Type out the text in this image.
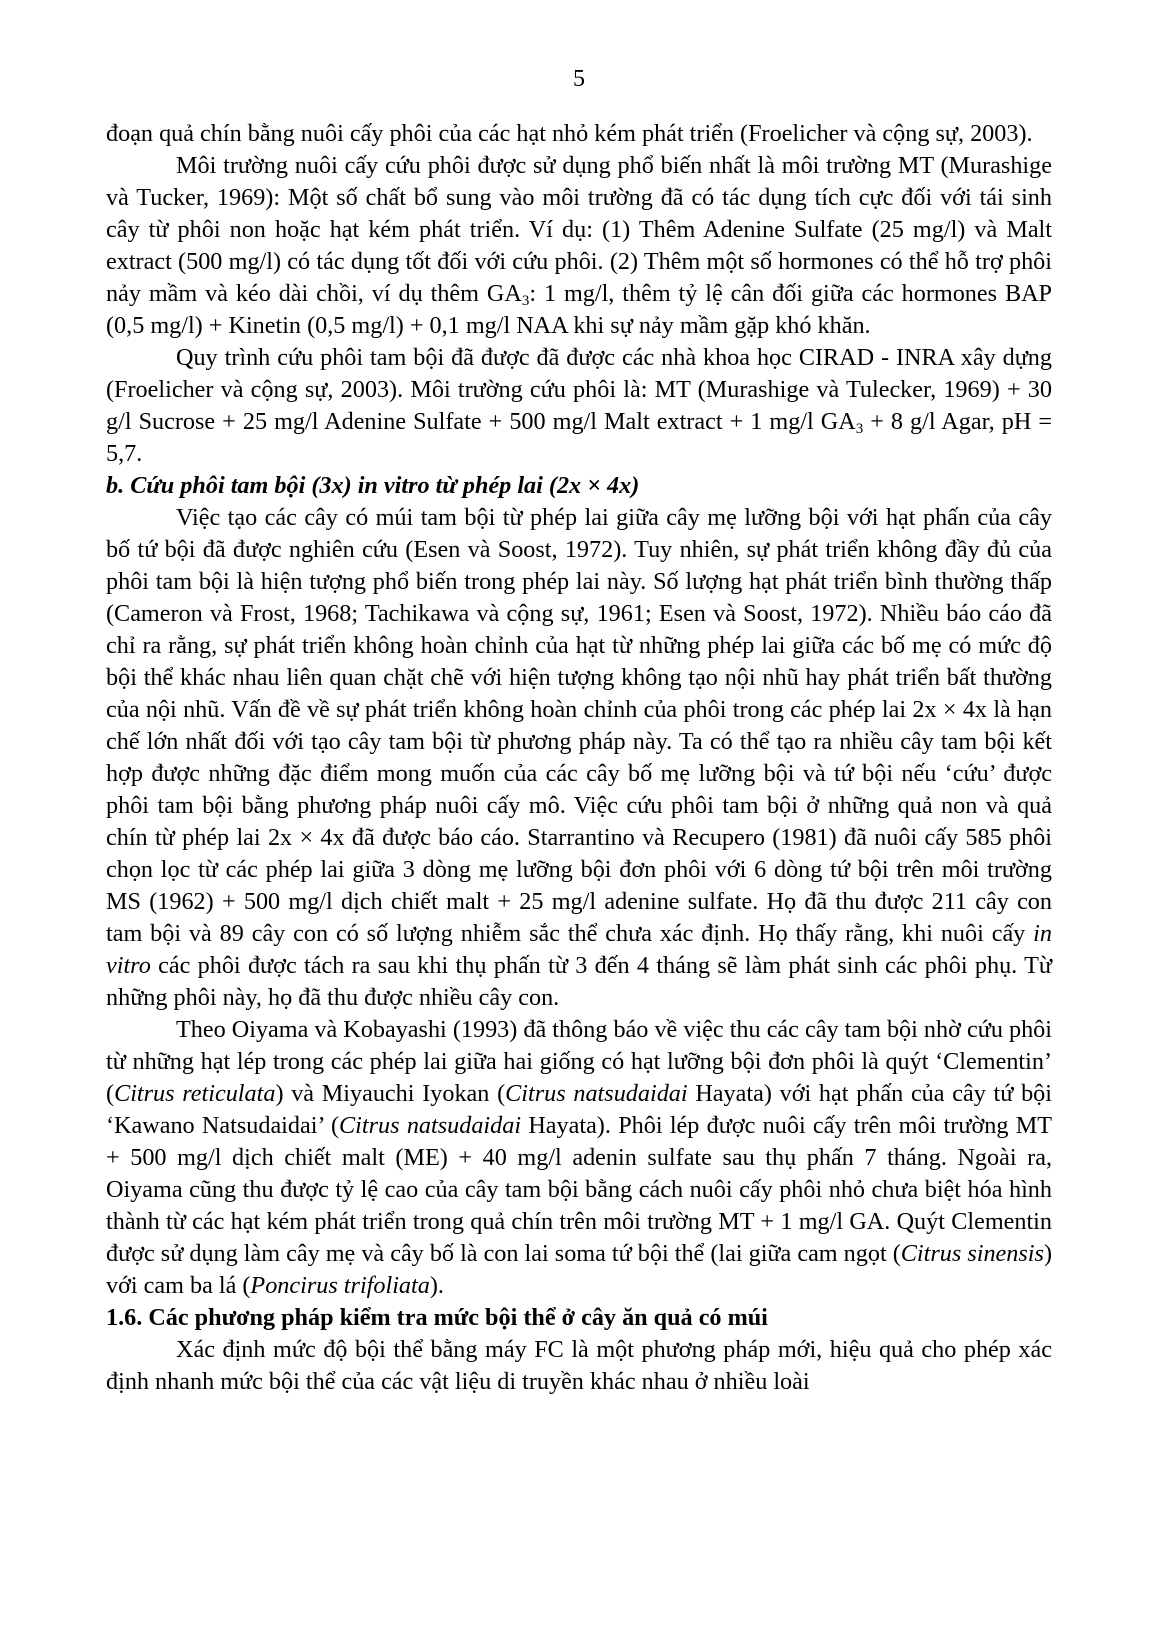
5

đoạn quả chín bằng nuôi cấy phôi của các hạt nhỏ kém phát triển (Froelicher và cộng sự, 2003).

Môi trường nuôi cấy cứu phôi được sử dụng phổ biến nhất là môi trường MT (Murashige và Tucker, 1969): Một số chất bổ sung vào môi trường đã có tác dụng tích cực đối với tái sinh cây từ phôi non hoặc hạt kém phát triển. Ví dụ: (1) Thêm Adenine Sulfate (25 mg/l) và Malt extract (500 mg/l) có tác dụng tốt đối với cứu phôi. (2) Thêm một số hormones có thể hỗ trợ phôi nảy mầm và kéo dài chồi, ví dụ thêm $GA_3$: 1 mg/l, thêm tỷ lệ cân đối giữa các hormones BAP (0,5 mg/l) + Kinetin (0,5 mg/l) + 0,1 mg/l NAA khi sự nảy mầm gặp khó khăn.

Quy trình cứu phôi tam bội đã được đã được các nhà khoa học CIRAD - INRA xây dựng (Froelicher và cộng sự, 2003). Môi trường cứu phôi là: MT (Murashige và Tulecker, 1969) + 30 g/l Sucrose + 25 mg/l Adenine Sulfate + 500 mg/l Malt extract + 1 mg/l $GA_3 + 8$ g/l Agar, pH = 5,7.

b. Cứu phôi tam bội (3x) in vitro từ phép lai (2x × 4x)

Việc tạo các cây có múi tam bội từ phép lai giữa cây mẹ lưỡng bội với hạt phấn của cây bố tứ bội đã được nghiên cứu (Esen và Soost, 1972). Tuy nhiên, sự phát triển không đầy đủ của phôi tam bội là hiện tượng phổ biến trong phép lai này. Số lượng hạt phát triển bình thường thấp (Cameron và Frost, 1968; Tachikawa và cộng sự, 1961; Esen và Soost, 1972). Nhiều báo cáo đã chỉ ra rằng, sự phát triển không hoàn chỉnh của hạt từ những phép lai giữa các bố mẹ có mức độ bội thể khác nhau liên quan chặt chẽ với hiện tượng không tạo nội nhũ hay phát triển bất thường của nội nhũ. Vấn đề về sự phát triển không hoàn chỉnh của phôi trong các phép lai 2x × 4x là hạn chế lớn nhất đối với tạo cây tam bội từ phương pháp này. Ta có thể tạo ra nhiều cây tam bội kết hợp được những đặc điểm mong muốn của các cây bố mẹ lưỡng bội và tứ bội nếu ‘cứu’ được phôi tam bội bằng phương pháp nuôi cấy mô. Việc cứu phôi tam bội ở những quả non và quả chín từ phép lai 2x × 4x đã được báo cáo. Starrantino và Recupero (1981) đã nuôi cấy 585 phôi chọn lọc từ các phép lai giữa 3 dòng mẹ lưỡng bội đơn phôi với 6 dòng tứ bội trên môi trường MS (1962) + 500 mg/l dịch chiết malt + 25 mg/l adenine sulfate. Họ đã thu được 211 cây con tam bội và 89 cây con có số lượng nhiễm sắc thể chưa xác định. Họ thấy rằng, khi nuôi cấy in vitro các phôi được tách ra sau khi thụ phấn từ 3 đến 4 tháng sẽ làm phát sinh các phôi phụ. Từ những phôi này, họ đã thu được nhiều cây con.

Theo Oiyama và Kobayashi (1993) đã thông báo về việc thu các cây tam bội nhờ cứu phôi từ những hạt lép trong các phép lai giữa hai giống có hạt lưỡng bội đơn phôi là quýt ‘Clementin’ (Citrus reticulata) và Miyauchi Iyokan (Citrus natsudaidai Hayata) với hạt phấn của cây tứ bội ‘Kawano Natsudaidai’ (Citrus natsudaidai Hayata). Phôi lép được nuôi cấy trên môi trường MT + 500 mg/l dịch chiết malt (ME) + 40 mg/l adenin sulfate sau thụ phấn 7 tháng. Ngoài ra, Oiyama cũng thu được tỷ lệ cao của cây tam bội bằng cách nuôi cấy phôi nhỏ chưa biệt hóa hình thành từ các hạt kém phát triển trong quả chín trên môi trường MT + 1 mg/l GA. Quýt Clementin được sử dụng làm cây mẹ và cây bố là con lai soma tứ bội thể (lai giữa cam ngọt (Citrus sinensis) với cam ba lá (Poncirus trifoliata).

1.6. Các phương pháp kiểm tra mức bội thể ở cây ăn quả có múi

Xác định mức độ bội thể bằng máy FC là một phương pháp mới, hiệu quả cho phép xác định nhanh mức bội thể của các vật liệu di truyền khác nhau ở nhiều loài
